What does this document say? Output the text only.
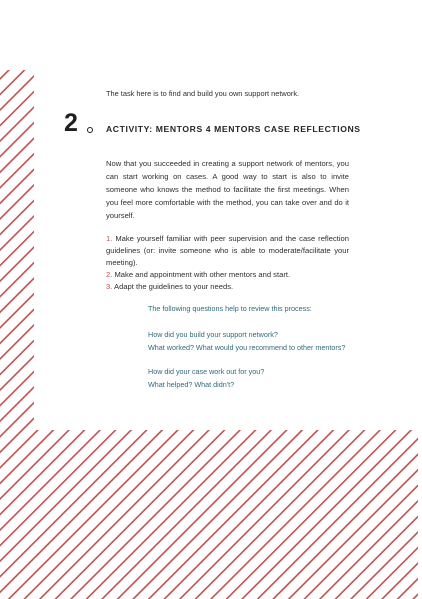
The task here is to find and build you own support network.

2	ACTIVITY: MENTORS 4 MENTORS CASE REFLECTIONS

Now that you succeeded in creating a support network of mentors, you can start working on cases. A good way to start is also to invite someone who knows the method to facilitate the first meetings. When you feel more comfortable with the method, you can take over and do it yourself.

1. Make yourself familiar with peer supervision and the case reflection guidelines (or: invite someone who is able to moderate/facilitate your meeting).
2. Make and appointment with other mentors and start.
3. Adapt the guidelines to your needs.

The following questions help to review this process:

How did you build your support network?
What worked? What would you recommend to other mentors?
How did your case work out for you?
What helped? What didn't?
